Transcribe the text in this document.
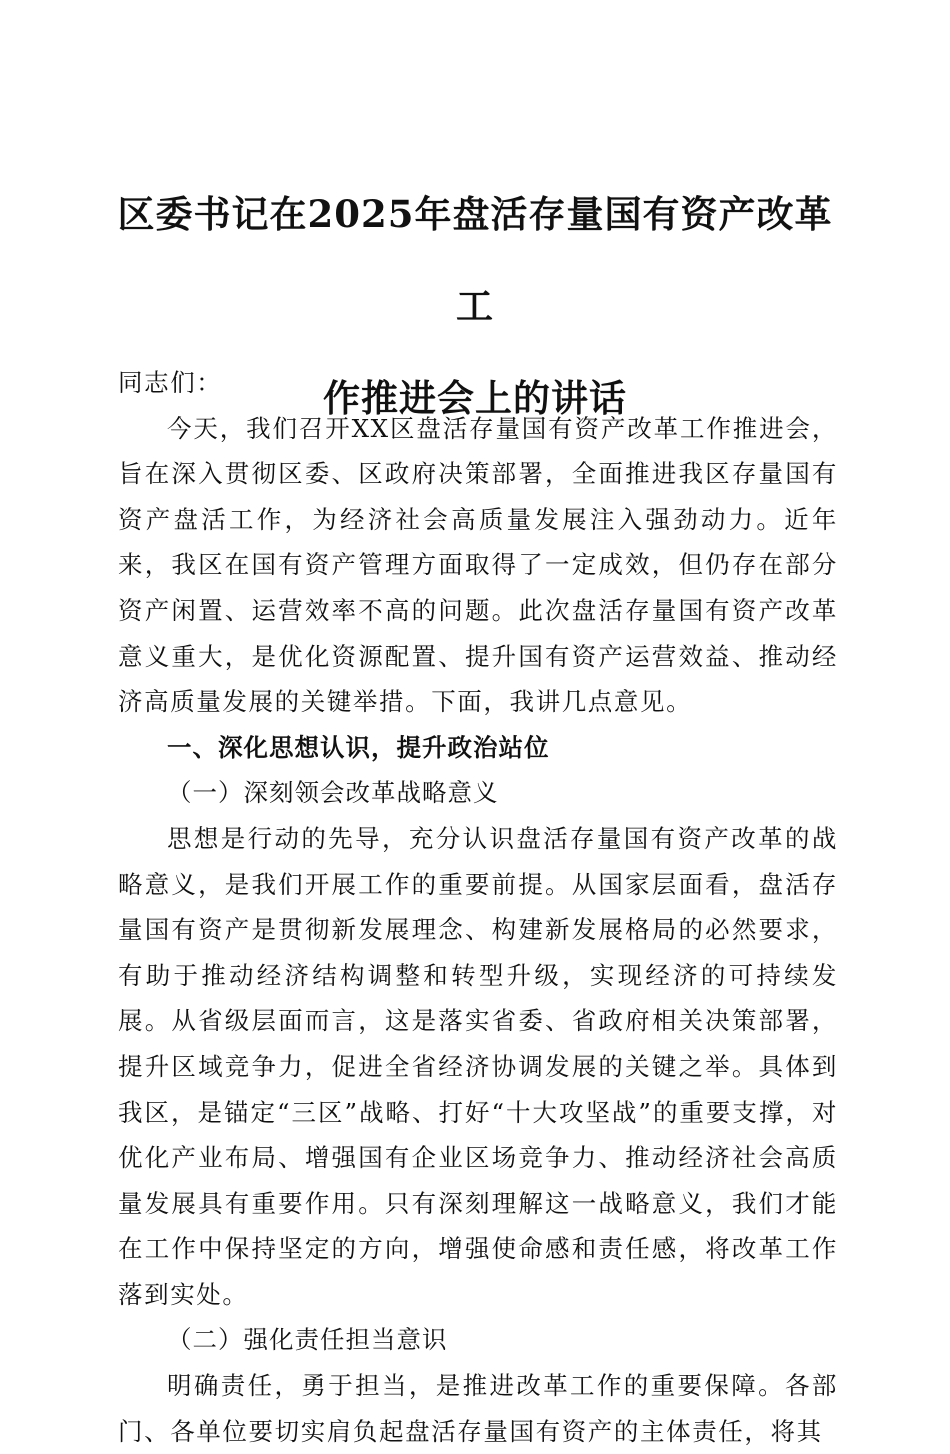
区委书记在2025年盘活存量国有资产改革工
作推进会上的讲话

同志们：

今天，我们召开XX区盘活存量国有资产改革工作推进会，旨在深入贯彻区委、区政府决策部署，全面推进我区存量国有资产盘活工作，为经济社会高质量发展注入强劲动力。近年来，我区在国有资产管理方面取得了一定成效，但仍存在部分资产闲置、运营效率不高的问题。此次盘活存量国有资产改革意义重大，是优化资源配置、提升国有资产运营效益、推动经济高质量发展的关键举措。下面，我讲几点意见。

一、深化思想认识，提升政治站位

（一）深刻领会改革战略意义

思想是行动的先导，充分认识盘活存量国有资产改革的战略意义，是我们开展工作的重要前提。从国家层面看，盘活存量国有资产是贯彻新发展理念、构建新发展格局的必然要求，有助于推动经济结构调整和转型升级，实现经济的可持续发展。从省级层面而言，这是落实省委、省政府相关决策部署，提升区域竞争力，促进全省经济协调发展的关键之举。具体到我区，是锚定“三区”战略、打好“十大攻坚战”的重要支撑，对优化产业布局、增强国有企业区场竞争力、推动经济社会高质量发展具有重要作用。只有深刻理解这一战略意义，我们才能在工作中保持坚定的方向，增强使命感和责任感，将改革工作落到实处。

（二）强化责任担当意识

明确责任，勇于担当，是推进改革工作的重要保障。各部门、各单位要切实肩负起盘活存量国有资产的主体责任，将其
